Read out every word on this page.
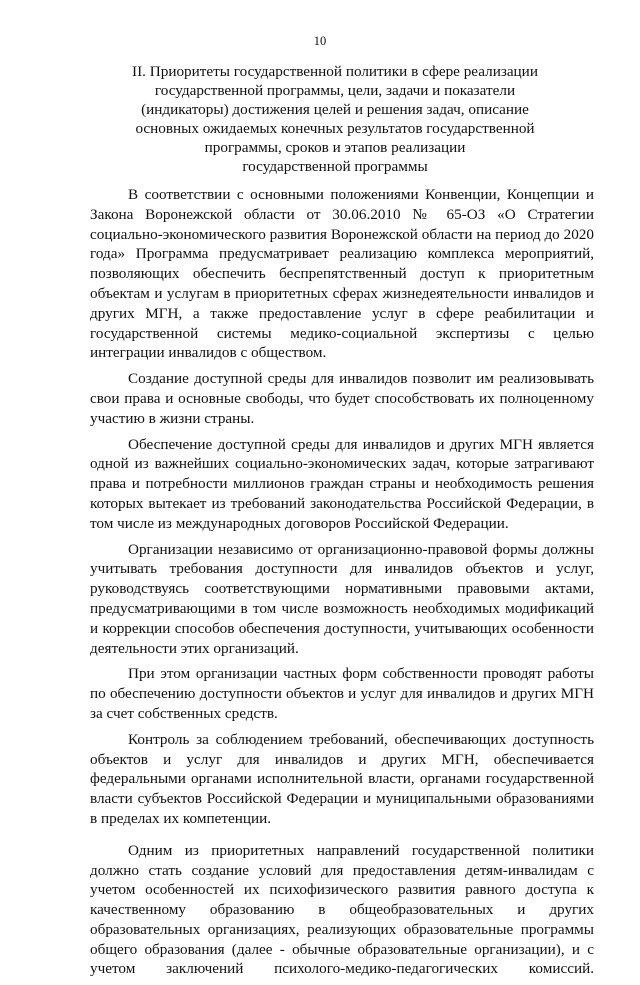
10
II. Приоритеты государственной политики в сфере реализации
государственной программы, цели, задачи и показатели
(индикаторы) достижения целей и решения задач, описание
основных ожидаемых конечных результатов государственной
программы, сроков и этапов реализации
государственной программы

В соответствии с основными положениями Конвенции, Концепции и Закона Воронежской области от 30.06.2010 № 65-ОЗ «О Стратегии социально-экономического развития Воронежской области на период до 2020 года» Программа предусматривает реализацию комплекса мероприятий, позволяющих обеспечить беспрепятственный доступ к приоритетным объектам и услугам в приоритетных сферах жизнедеятельности инвалидов и других МГН, а также предоставление услуг в сфере реабилитации и государственной системы медико-социальной экспертизы с целью интеграции инвалидов с обществом.

Создание доступной среды для инвалидов позволит им реализовывать свои права и основные свободы, что будет способствовать их полноценному участию в жизни страны.

Обеспечение доступной среды для инвалидов и других МГН является одной из важнейших социально-экономических задач, которые затрагивают права и потребности миллионов граждан страны и необходимость решения которых вытекает из требований законодательства Российской Федерации, в том числе из международных договоров Российской Федерации.

Организации независимо от организационно-правовой формы должны учитывать требования доступности для инвалидов объектов и услуг, руководствуясь соответствующими нормативными правовыми актами, предусматривающими в том числе возможность необходимых модификаций и коррекции способов обеспечения доступности, учитывающих особенности деятельности этих организаций.

При этом организации частных форм собственности проводят работы по обеспечению доступности объектов и услуг для инвалидов и других МГН за счет собственных средств.

Контроль за соблюдением требований, обеспечивающих доступность объектов и услуг для инвалидов и других МГН, обеспечивается федеральными органами исполнительной власти, органами государственной власти субъектов Российской Федерации и муниципальными образованиями в пределах их компетенции.

Одним из приоритетных направлений государственной политики должно стать создание условий для предоставления детям-инвалидам с учетом особенностей их психофизического развития равного доступа к качественному образованию в общеобразовательных и других образовательных организациях, реализующих образовательные программы общего образования (далее - обычные образовательные организации), и с учетом заключений психолого-медико-педагогических комиссий.
